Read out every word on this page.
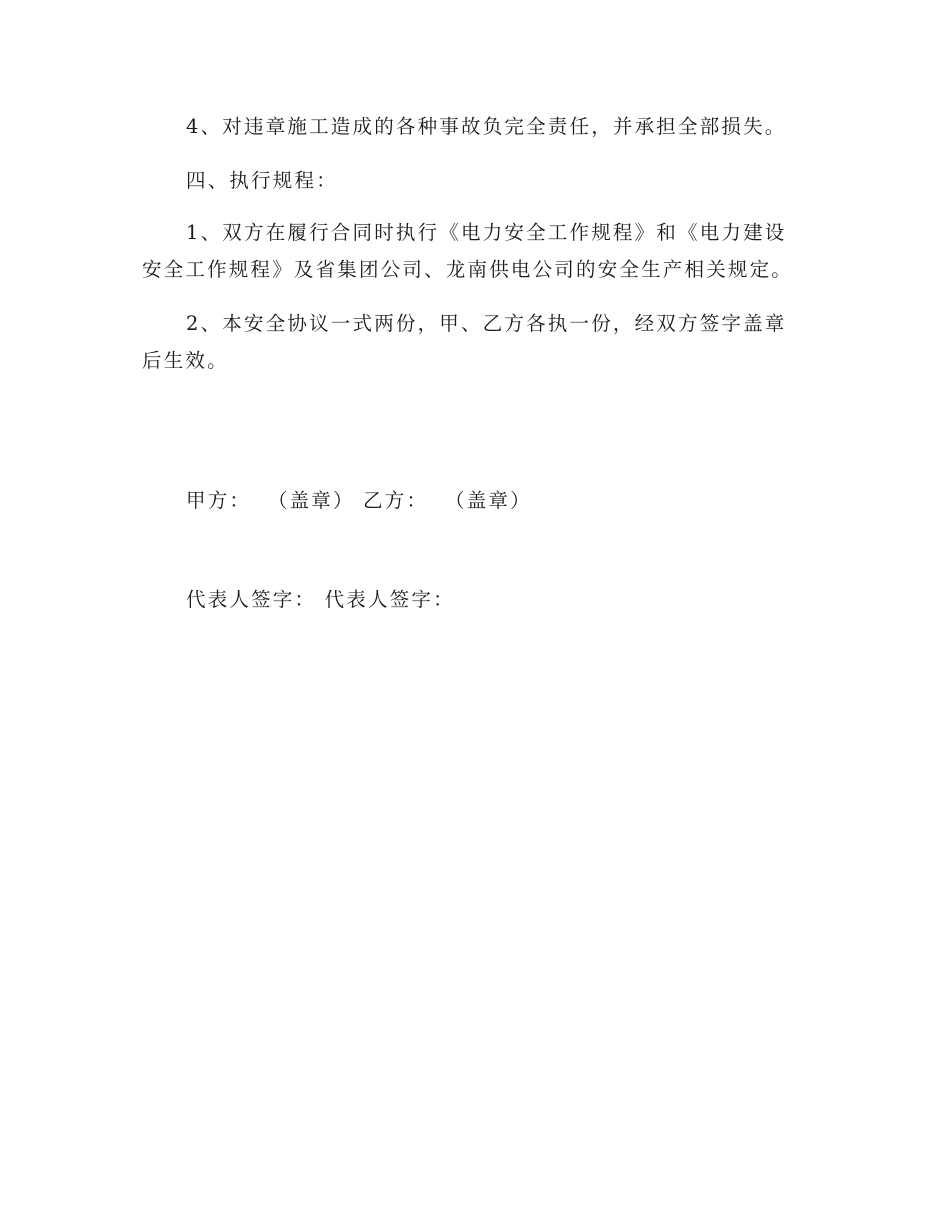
4、对违章施工造成的各种事故负完全责任，并承担全部损失。

四、执行规程：

1、双方在履行合同时执行《电力安全工作规程》和《电力建设安全工作规程》及省集团公司、龙南供电公司的安全生产相关规定。

2、本安全协议一式两份，甲、乙方各执一份，经双方签字盖章后生效。

甲方：  （盖章） 乙方：  （盖章）

代表人签字： 代表人签字：
